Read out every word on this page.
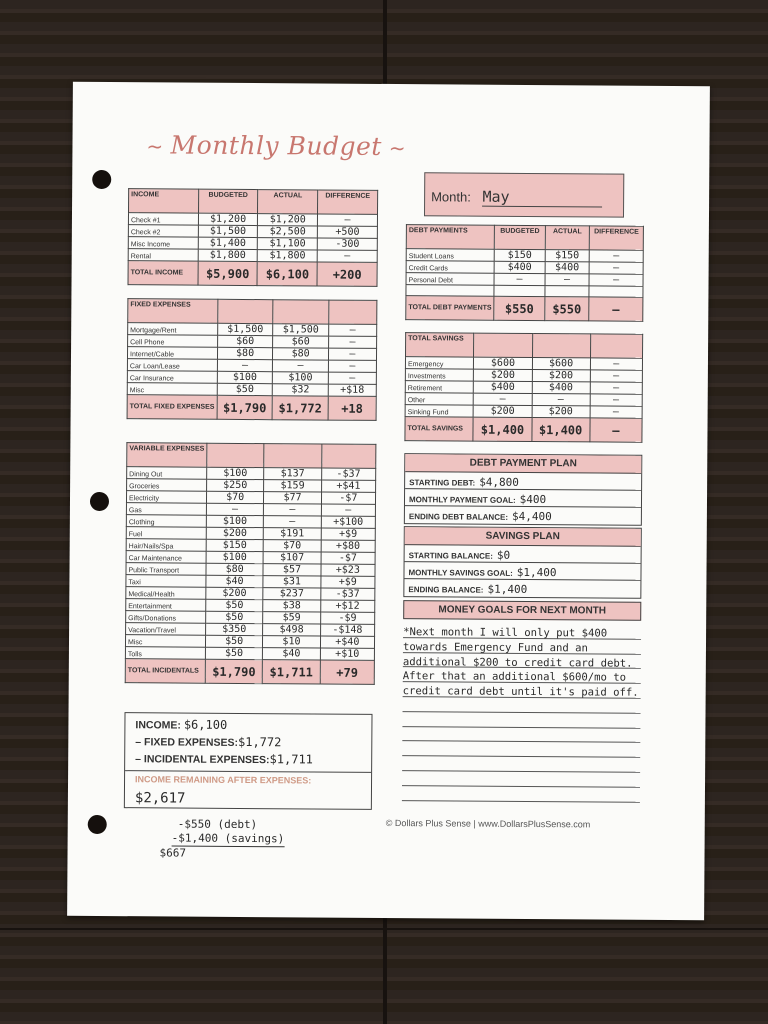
~ Monthly Budget ~
Month: May
INCOME	BUDGETED	ACTUAL	DIFFERENCE
Check #1	$1,200	$1,200	—
Check #2	$1,500	$2,500	+500
Misc Income	$1,400	$1,100	-300
Rental	$1,800	$1,800	—
TOTAL INCOME	$5,900	$6,100	+200
FIXED EXPENSES			
Mortgage/Rent	$1,500	$1,500	—
Cell Phone	$60	$60	—
Internet/Cable	$80	$80	—
Car Loan/Lease	—	—	—
Car Insurance	$100	$100	—
Misc	$50	$32	+$18
TOTAL FIXED EXPENSES	$1,790	$1,772	+18
VARIABLE EXPENSES			
Dining Out	$100	$137	-$37
Groceries	$250	$159	+$41
Electricity	$70	$77	-$7
Gas	—	—	—
Clothing	$100	—	+$100
Fuel	$200	$191	+$9
Hair/Nails/Spa	$150	$70	+$80
Car Maintenance	$100	$107	-$7
Public Transport	$80	$57	+$23
Taxi	$40	$31	+$9
Medical/Health	$200	$237	-$37
Entertainment	$50	$38	+$12
Gifts/Donations	$50	$59	-$9
Vacation/Travel	$350	$498	-$148
Misc	$50	$10	+$40
Tolls	$50	$40	+$10
TOTAL INCIDENTALS	$1,790	$1,711	+79
DEBT PAYMENTS	BUDGETED	ACTUAL	DIFFERENCE
Student Loans	$150	$150	—
Credit Cards	$400	$400	—
Personal Debt	—	—	—

TOTAL DEBT PAYMENTS	$550	$550	—
TOTAL SAVINGS			
Emergency	$600	$600	—
Investments	$200	$200	—
Retirement	$400	$400	—
Other	—	—	—
Sinking Fund	$200	$200	—
TOTAL SAVINGS	$1,400	$1,400	—
DEBT PAYMENT PLAN
STARTING DEBT: $4,800
MONTHLY PAYMENT GOAL: $400
ENDING DEBT BALANCE: $4,400
SAVINGS PLAN
STARTING BALANCE: $0
MONTHLY SAVINGS GOAL: $1,400
ENDING BALANCE: $1,400
MONEY GOALS FOR NEXT MONTH
*Next month I will only put $400 towards Emergency Fund and an additional $200 to credit card debt. After that an additional $600/mo to credit card debt until it's paid off.
INCOME: $6,100
– FIXED EXPENSES:$1,772
– INCIDENTAL EXPENSES:$1,711
INCOME REMAINING AFTER EXPENSES:
$2,617
-$550 (debt)
-$1,400 (savings)
$667
© Dollars Plus Sense | www.DollarsPlusSense.com
